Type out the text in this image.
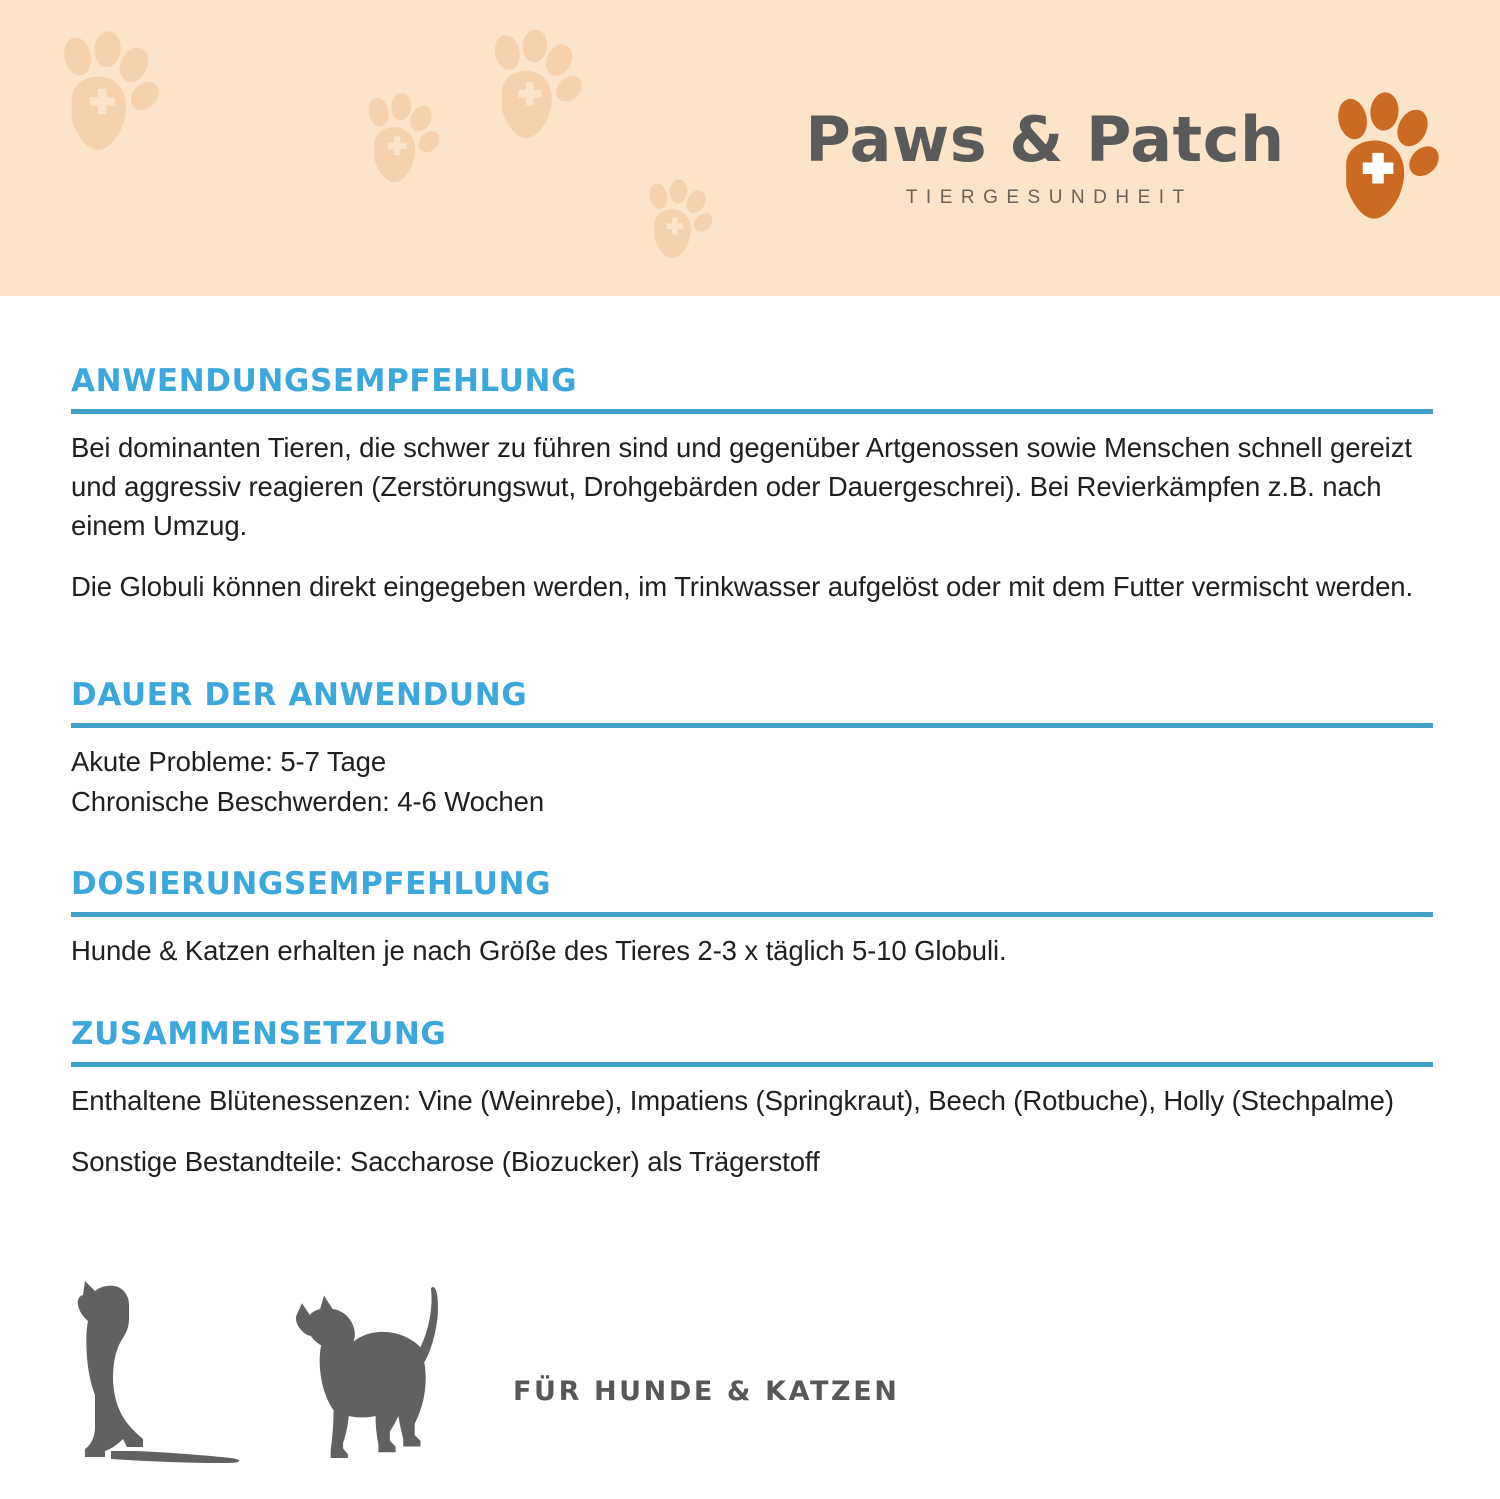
Paws & Patch
TIERGESUNDHEIT
ANWENDUNGSEMPFEHLUNG

Bei dominanten Tieren, die schwer zu führen sind und gegenüber Artgenossen sowie Menschen schnell gereizt und aggressiv reagieren (Zerstörungswut, Drohgebärden oder Dauergeschrei). Bei Revierkämpfen z.B. nach einem Umzug.

Die Globuli können direkt eingegeben werden, im Trinkwasser aufgelöst oder mit dem Futter vermischt werden.

DAUER DER ANWENDUNG

Akute Probleme: 5-7 Tage

Chronische Beschwerden: 4-6 Wochen

DOSIERUNGSEMPFEHLUNG

Hunde & Katzen erhalten je nach Größe des Tieres 2-3 x täglich 5-10 Globuli.

ZUSAMMENSETZUNG

Enthaltene Blütenessenzen: Vine (Weinrebe), Impatiens (Springkraut), Beech (Rotbuche), Holly (Stechpalme)

Sonstige Bestandteile: Saccharose (Biozucker) als Trägerstoff

FÜR HUNDE & KATZEN
